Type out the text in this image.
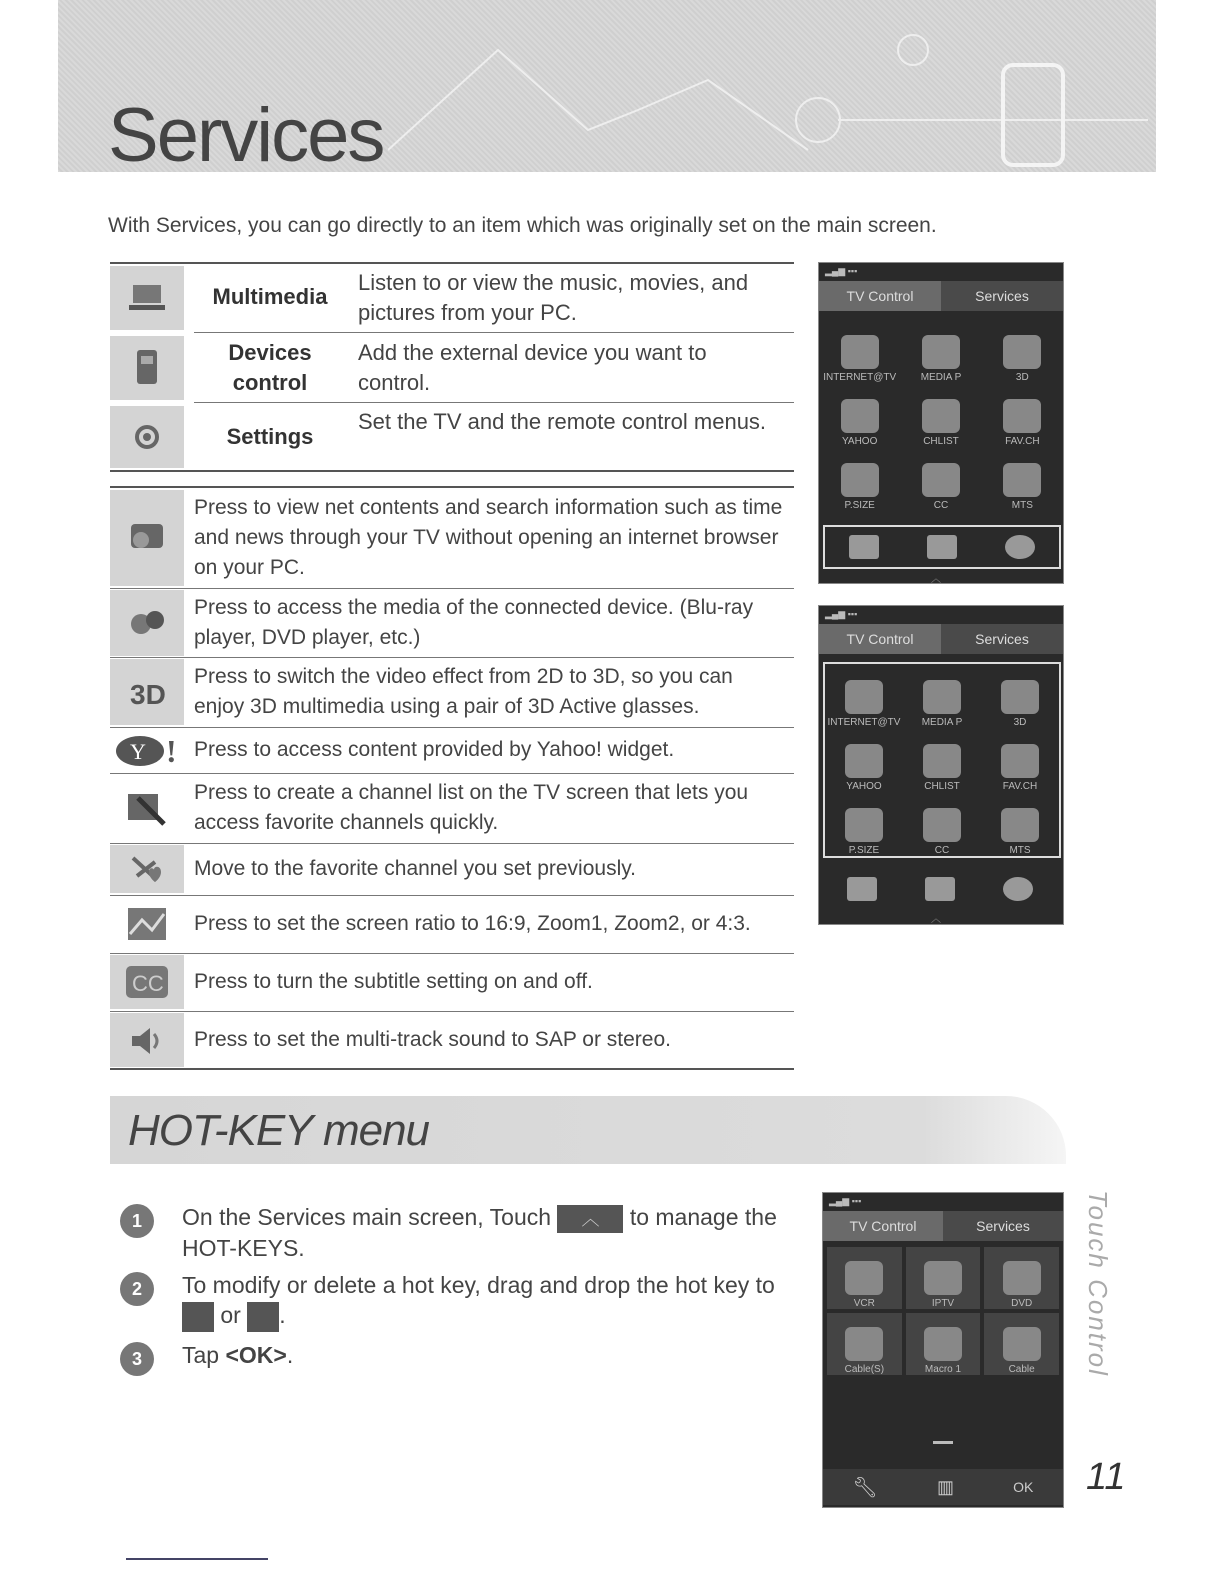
Services
With Services, you can go directly to an item which was originally set on the main screen.
Multimedia
Listen to or view the music, movies, and pictures from your PC.
Devices control
Add the external device you want to control.
Settings
Set the TV and the remote control menus.
Press to view net contents and search information such as time and news through your TV without opening an internet browser on your PC.
Press to access the media of the connected device. (Blu-ray player, DVD player, etc.)
3D
Press to switch the video effect from 2D to 3D, so you can enjoy 3D multimedia using a pair of 3D Active glasses.
Y ! Press to access content provided by Yahoo! widget.
Press to create a channel list on the TV screen that lets you access favorite channels quickly.
Move to the favorite channel you set previously.
Press to set the screen ratio to 16:9, Zoom1, Zoom2, or 4:3.
CC Press to turn the subtitle setting on and off.
Press to set the multi-track sound to SAP or stereo.
▂▄▆ ▪▪▪
TV Control	Services
INTERNET@TV MEDIA P	3D
YAHOO	CHLIST	FAV.CH
P.SIZE	CC	MTS
︿
▂▄▆ ▪▪▪
TV Control	Services
INTERNET@TV MEDIA P	3D
YAHOO	CHLIST	FAV.CH
P.SIZE	CC	MTS
︿
HOT-KEY menu
1	On the Services main screen, Touch ︿ to manage the HOT-KEYS.
2	To modify or delete a hot key, drag and drop the hot key to  or .
3	Tap <OK>.
▂▄▆ ▪▪▪
TV Control	Services
VCR	IPTV	DVD
Cable(S)	Macro 1	Cable
🔧︎	▥	OK
Touch Control
11
